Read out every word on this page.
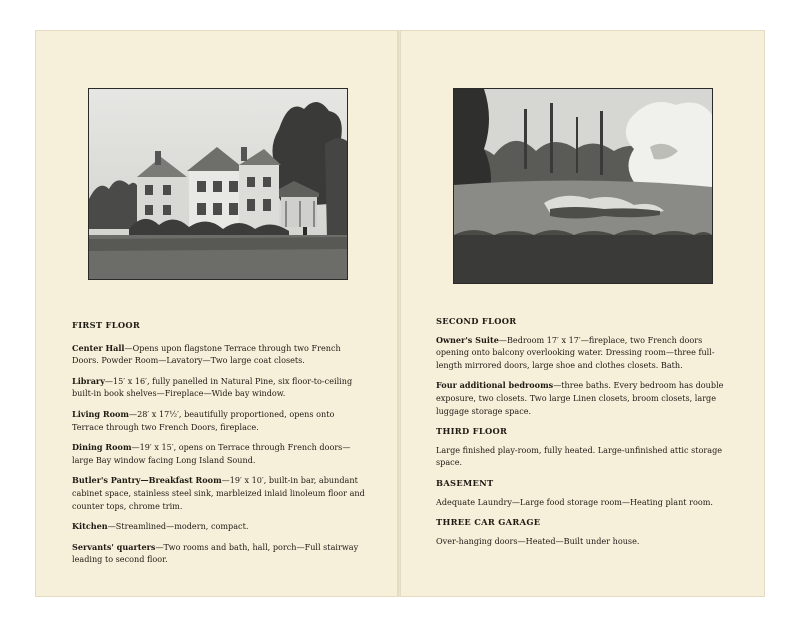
FIRST FLOOR
Center Hall—Opens upon flagstone Terrace through two French Doors. Powder Room—Lavatory—Two large coat closets.
Library—15′ x 16′, fully panelled in Natural Pine, six floor-to-ceiling built-in book shelves—Fireplace—Wide bay window.
Living Room—28′ x 17½′, beautifully proportioned, opens onto Terrace through two French Doors, fireplace.
Dining Room—19′ x 15′, opens on Terrace through French doors—large Bay window facing Long Island Sound.
Butler's Pantry—Breakfast Room—19′ x 10′, built-in bar, abundant cabinet space, stainless steel sink, marbleized inlaid linoleum floor and counter tops, chrome trim.
Kitchen—Streamlined—modern, compact.
Servants' quarters—Two rooms and bath, hall, porch—Full stairway leading to second floor.
SECOND FLOOR
Owner's Suite—Bedroom 17′ x 17′—fireplace, two French doors opening onto balcony overlooking water. Dressing room—three full-length mirrored doors, large shoe and clothes closets. Bath.
Four additional bedrooms—three baths. Every bedroom has double exposure, two closets. Two large Linen closets, broom closets, large luggage storage space.
THIRD FLOOR
Large finished play-room, fully heated. Large-unfinished attic storage space.
BASEMENT
Adequate Laundry—Large food storage room—Heating plant room.
THREE CAR GARAGE
Over-hanging doors—Heated—Built under house.
